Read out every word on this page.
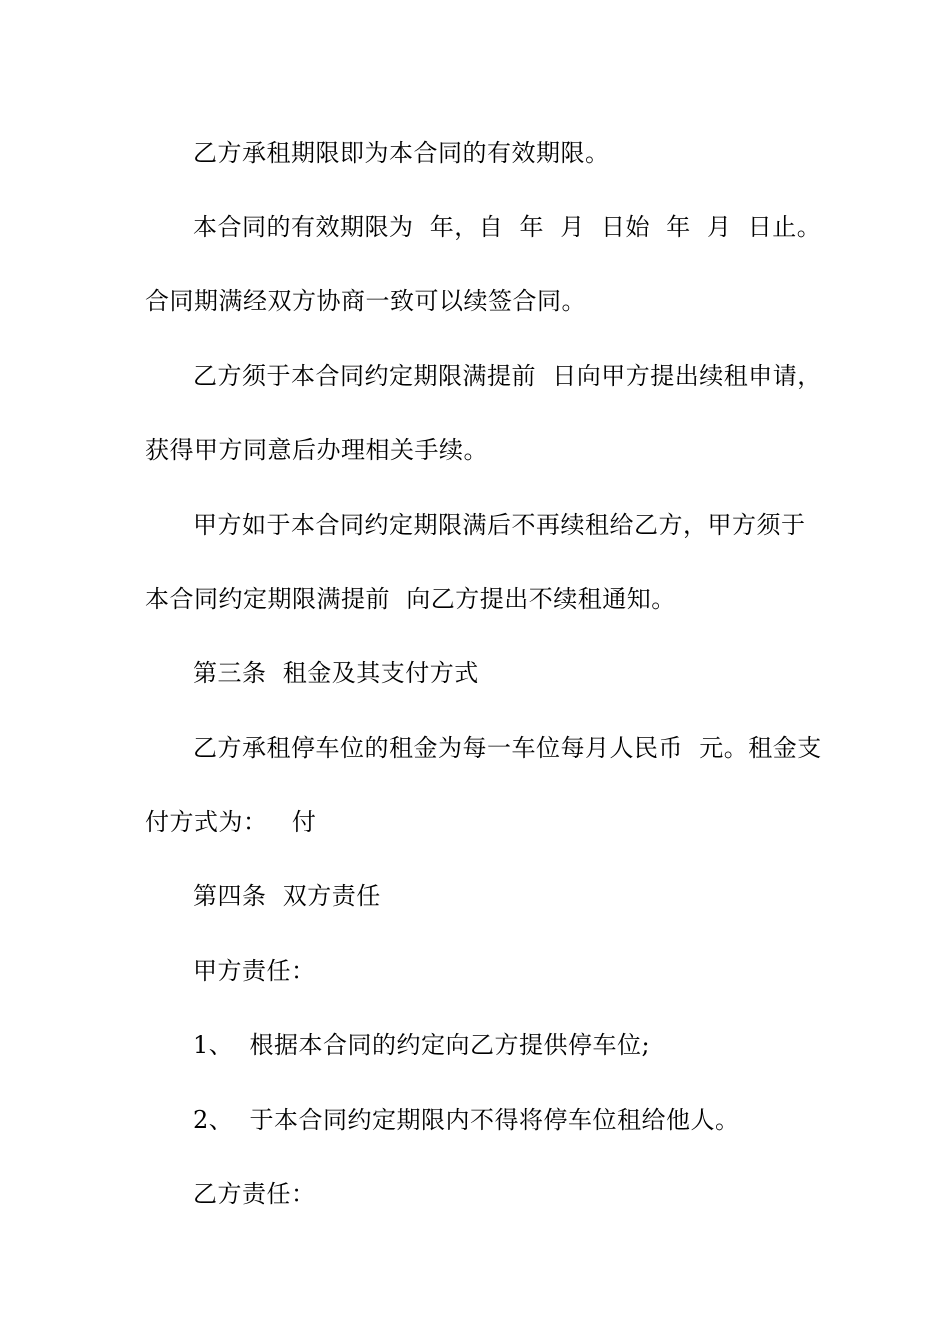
乙方承租期限即为本合同的有效期限。
本合同的有效期限为  年，自  年  月  日始  年  月  日止。
合同期满经双方协商一致可以续签合同。
乙方须于本合同约定期限满提前  日向甲方提出续租申请，
获得甲方同意后办理相关手续。
甲方如于本合同约定期限满后不再续租给乙方，甲方须于
本合同约定期限满提前  向乙方提出不续租通知。
第三条  租金及其支付方式
乙方承租停车位的租金为每一车位每月人民币  元。租金支
付方式为：   付
第四条  双方责任
甲方责任：
1、  根据本合同的约定向乙方提供停车位;
2、  于本合同约定期限内不得将停车位租给他人。
乙方责任：
